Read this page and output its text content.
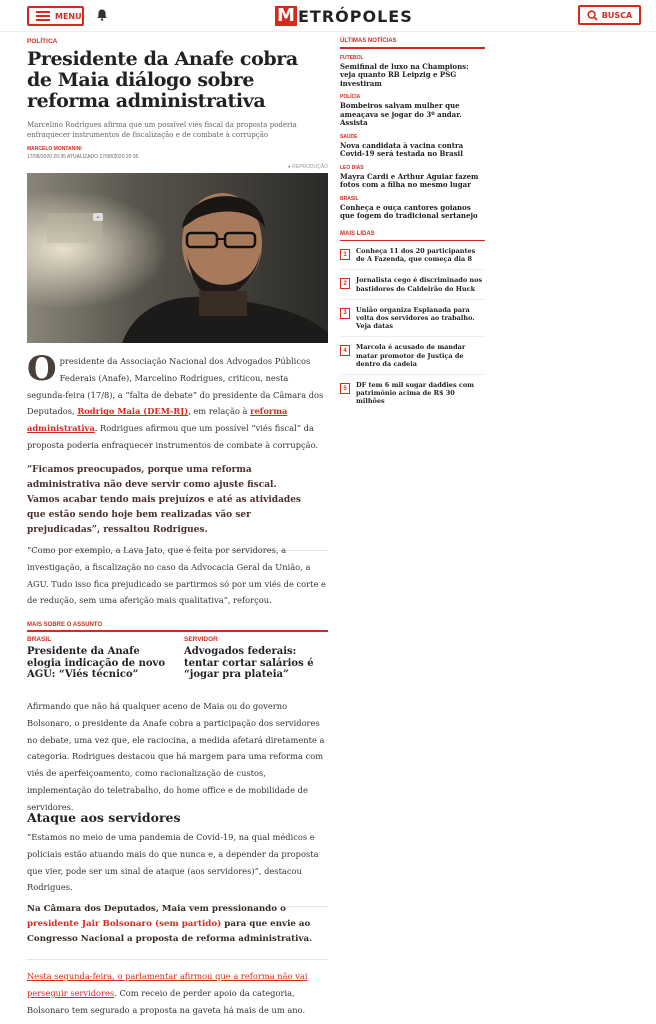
MENU	M ETRÓPOLES	BUSCA
POLÍTICA
Presidente da Anafe cobra de Maia diálogo sobre reforma administrativa
Marcelino Rodrigues afirma que um possível viés fiscal da proposta poderia enfraquecer instrumentos de fiscalização e de combate à corrupção
MARCELO MONTANINI
17/08/2020 20:35 ATUALIZADO 17/08/2020 20:35
● REPRODUÇÃO
⌄

O presidente da Associação Nacional dos Advogados Públicos Federais (Anafe), Marcelino Rodrigues, criticou, nesta segunda-feira (17/8), a “falta de debate” do presidente da Câmara dos Deputados, Rodrigo Maia (DEM-RJ), em relação à reforma administrativa. Rodrigues afirmou que um possível “viés fiscal” da proposta poderia enfraquecer instrumentos de combate à corrupção.

“Ficamos preocupados, porque uma reforma administrativa não deve servir como ajuste fiscal. Vamos acabar tendo mais prejuízos e até as atividades que estão sendo hoje bem realizadas vão ser prejudicadas”, ressaltou Rodrigues.

“Como por exemplo, a Lava Jato, que é feita por servidores, a investigação, a fiscalização no caso da Advocacia Geral da União, a AGU. Tudo isso fica prejudicado se partirmos só por um viés de corte e de redução, sem uma aferição mais qualitativa”, reforçou.

MAIS SOBRE O ASSUNTO
BRASIL
Presidente da Anafe elogia indicação de novo AGU: “Viés técnico”
SERVIDOR
Advogados federais: tentar cortar salários é “jogar pra plateia”

Afirmando que não há qualquer aceno de Maia ou do governo Bolsonaro, o presidente da Anafe cobra a participação dos servidores no debate, uma vez que, ele raciocina, a medida afetará diretamente a categoria. Rodrigues destacou que há margem para uma reforma com viés de aperfeiçoamento, como racionalização de custos, implementação do teletrabalho, do home office e de mobilidade de servidores.

Ataque aos servidores

“Estamos no meio de uma pandemia de Covid-19, na qual médicos e policiais estão atuando mais do que nunca e, a depender da proposta que vier, pode ser um sinal de ataque (aos servidores)”, destacou Rodrigues.

Na Câmara dos Deputados, Maia vem pressionando o presidente Jair Bolsonaro (sem partido) para que envie ao Congresso Nacional a proposta de reforma administrativa.

Nesta segunda-feira, o parlamentar afirmou que a reforma não vai perseguir servidores. Com receio de perder apoio da categoria, Bolsonaro tem segurado a proposta na gaveta há mais de um ano.

ÚLTIMAS NOTÍCIAS
FUTEBOL
Semifinal de luxo na Champions: veja quanto RB Leipzig e PSG investiram
POLÍCIA
Bombeiros salvam mulher que ameaçava se jogar do 3º andar. Assista
SAÚDE
Nova candidata à vacina contra Covid-19 será testada no Brasil
LEO DIAS
Mayra Cardi e Arthur Aguiar fazem fotos com a filha no mesmo lugar
BRASIL
Conheça e ouça cantores goianos que fogem do tradicional sertanejo
MAIS LIDAS
1	Conheça 11 dos 20 participantes de A Fazenda, que começa dia 8
2	Jornalista cego é discriminado nos bastidores do Caldeirão do Huck
3	União organiza Esplanada para volta dos servidores ao trabalho. Veja datas
4	Marcola é acusado de mandar matar promotor de Justiça de dentro da cadeia
5	DF tem 6 mil sugar daddies com patrimônio acima de R$ 30 milhões
